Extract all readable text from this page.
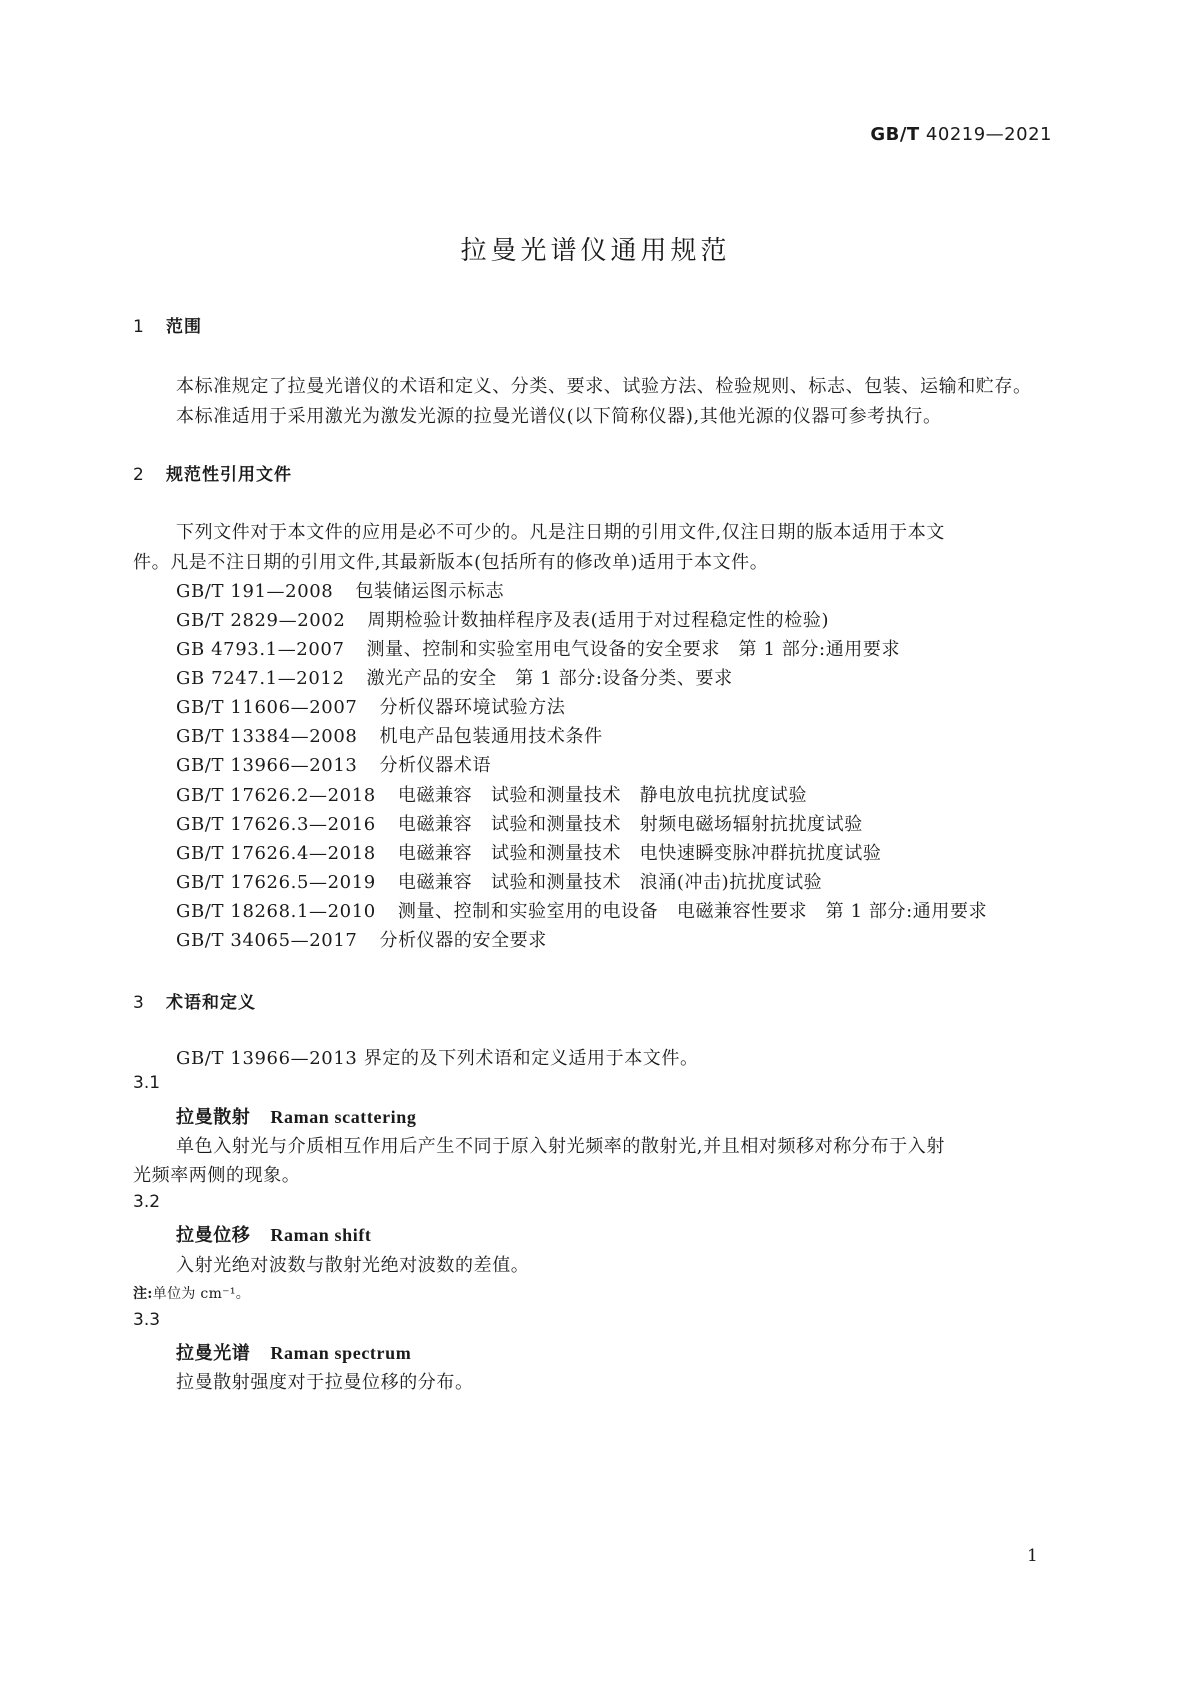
GB/T 40219—2021
拉曼光谱仪通用规范
1 范围
本标准规定了拉曼光谱仪的术语和定义、分类、要求、试验方法、检验规则、标志、包装、运输和贮存。
本标准适用于采用激光为激发光源的拉曼光谱仪(以下简称仪器),其他光源的仪器可参考执行。
2 规范性引用文件
下列文件对于本文件的应用是必不可少的。凡是注日期的引用文件,仅注日期的版本适用于本文
件。凡是不注日期的引用文件,其最新版本(包括所有的修改单)适用于本文件。
GB/T 191—2008 包装储运图示标志
GB/T 2829—2002 周期检验计数抽样程序及表(适用于对过程稳定性的检验)
GB 4793.1—2007 测量、控制和实验室用电气设备的安全要求　第 1 部分:通用要求
GB 7247.1—2012 激光产品的安全　第 1 部分:设备分类、要求
GB/T 11606—2007 分析仪器环境试验方法
GB/T 13384—2008 机电产品包装通用技术条件
GB/T 13966—2013 分析仪器术语
GB/T 17626.2—2018 电磁兼容　试验和测量技术　静电放电抗扰度试验
GB/T 17626.3—2016 电磁兼容　试验和测量技术　射频电磁场辐射抗扰度试验
GB/T 17626.4—2018 电磁兼容　试验和测量技术　电快速瞬变脉冲群抗扰度试验
GB/T 17626.5—2019 电磁兼容　试验和测量技术　浪涌(冲击)抗扰度试验
GB/T 18268.1—2010 测量、控制和实验室用的电设备　电磁兼容性要求　第 1 部分:通用要求
GB/T 34065—2017 分析仪器的安全要求
3 术语和定义
GB/T 13966—2013 界定的及下列术语和定义适用于本文件。
3.1
拉曼散射 Raman scattering
单色入射光与介质相互作用后产生不同于原入射光频率的散射光,并且相对频移对称分布于入射
光频率两侧的现象。
3.2
拉曼位移 Raman shift
入射光绝对波数与散射光绝对波数的差值。
注:单位为 cm⁻¹。
3.3
拉曼光谱 Raman spectrum
拉曼散射强度对于拉曼位移的分布。
1
